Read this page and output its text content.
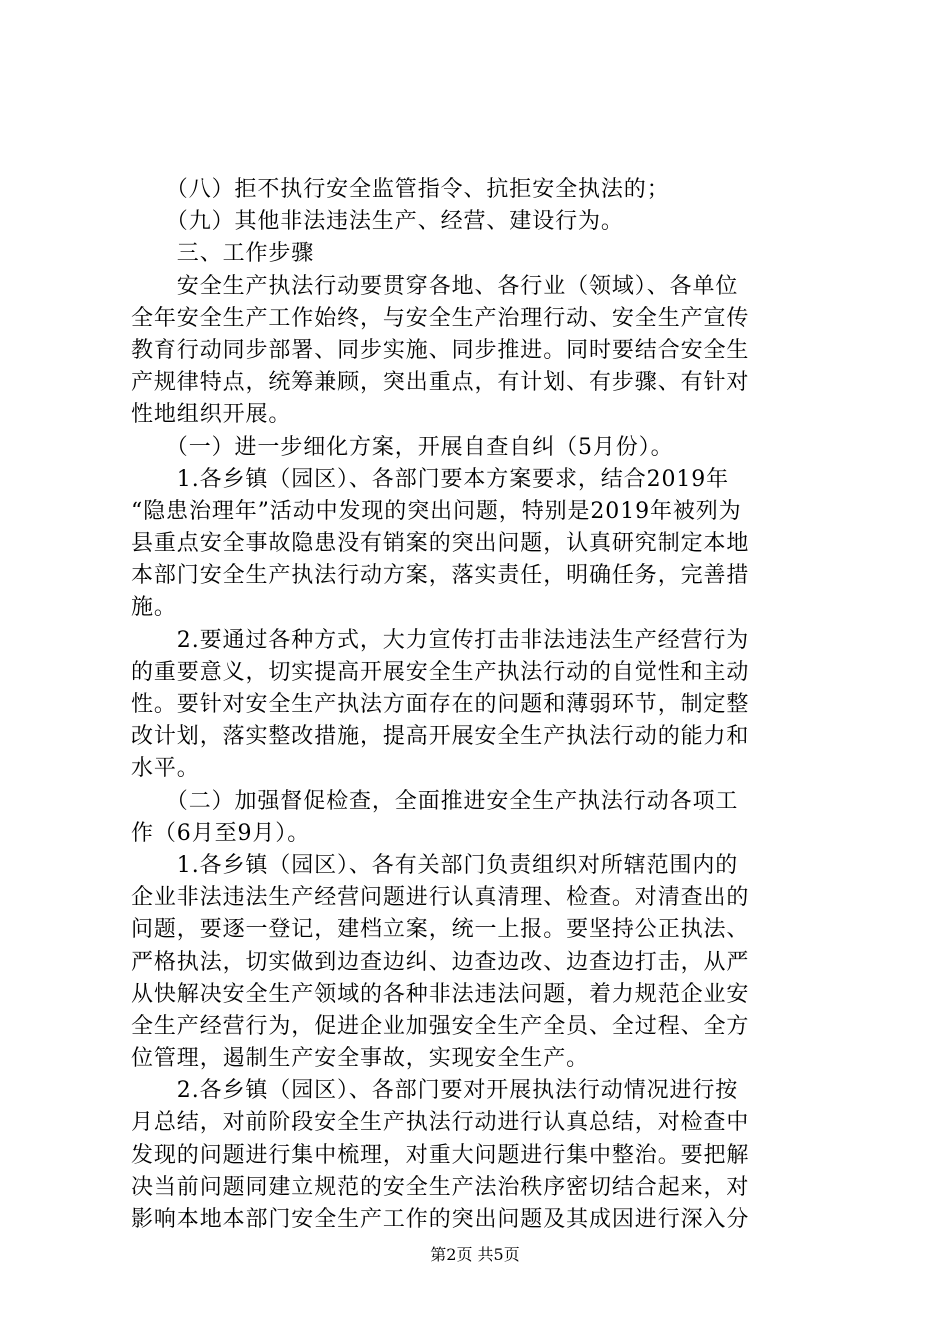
　　（八）拒不执行安全监管指令、抗拒安全执法的；
　　（九）其他非法违法生产、经营、建设行为。
　　三、工作步骤
　　安全生产执法行动要贯穿各地、各行业（领域）、各单位
全年安全生产工作始终，与安全生产治理行动、安全生产宣传
教育行动同步部署、同步实施、同步推进。同时要结合安全生
产规律特点，统筹兼顾，突出重点，有计划、有步骤、有针对
性地组织开展。
　　（一）进一步细化方案，开展自查自纠（5月份）。
　　1.各乡镇（园区）、各部门要本方案要求，结合2019年
“隐患治理年”活动中发现的突出问题，特别是2019年被列为
县重点安全事故隐患没有销案的突出问题，认真研究制定本地
本部门安全生产执法行动方案，落实责任，明确任务，完善措
施。
　　2.要通过各种方式，大力宣传打击非法违法生产经营行为
的重要意义，切实提高开展安全生产执法行动的自觉性和主动
性。要针对安全生产执法方面存在的问题和薄弱环节，制定整
改计划，落实整改措施，提高开展安全生产执法行动的能力和
水平。
　　（二）加强督促检查，全面推进安全生产执法行动各项工
作（6月至9月）。
　　1.各乡镇（园区）、各有关部门负责组织对所辖范围内的
企业非法违法生产经营问题进行认真清理、检查。对清查出的
问题，要逐一登记，建档立案，统一上报。要坚持公正执法、
严格执法，切实做到边查边纠、边查边改、边查边打击，从严
从快解决安全生产领域的各种非法违法问题，着力规范企业安
全生产经营行为，促进企业加强安全生产全员、全过程、全方
位管理，遏制生产安全事故，实现安全生产。
　　2.各乡镇（园区）、各部门要对开展执法行动情况进行按
月总结，对前阶段安全生产执法行动进行认真总结，对检查中
发现的问题进行集中梳理，对重大问题进行集中整治。要把解
决当前问题同建立规范的安全生产法治秩序密切结合起来，对
影响本地本部门安全生产工作的突出问题及其成因进行深入分
第2页 共5页
